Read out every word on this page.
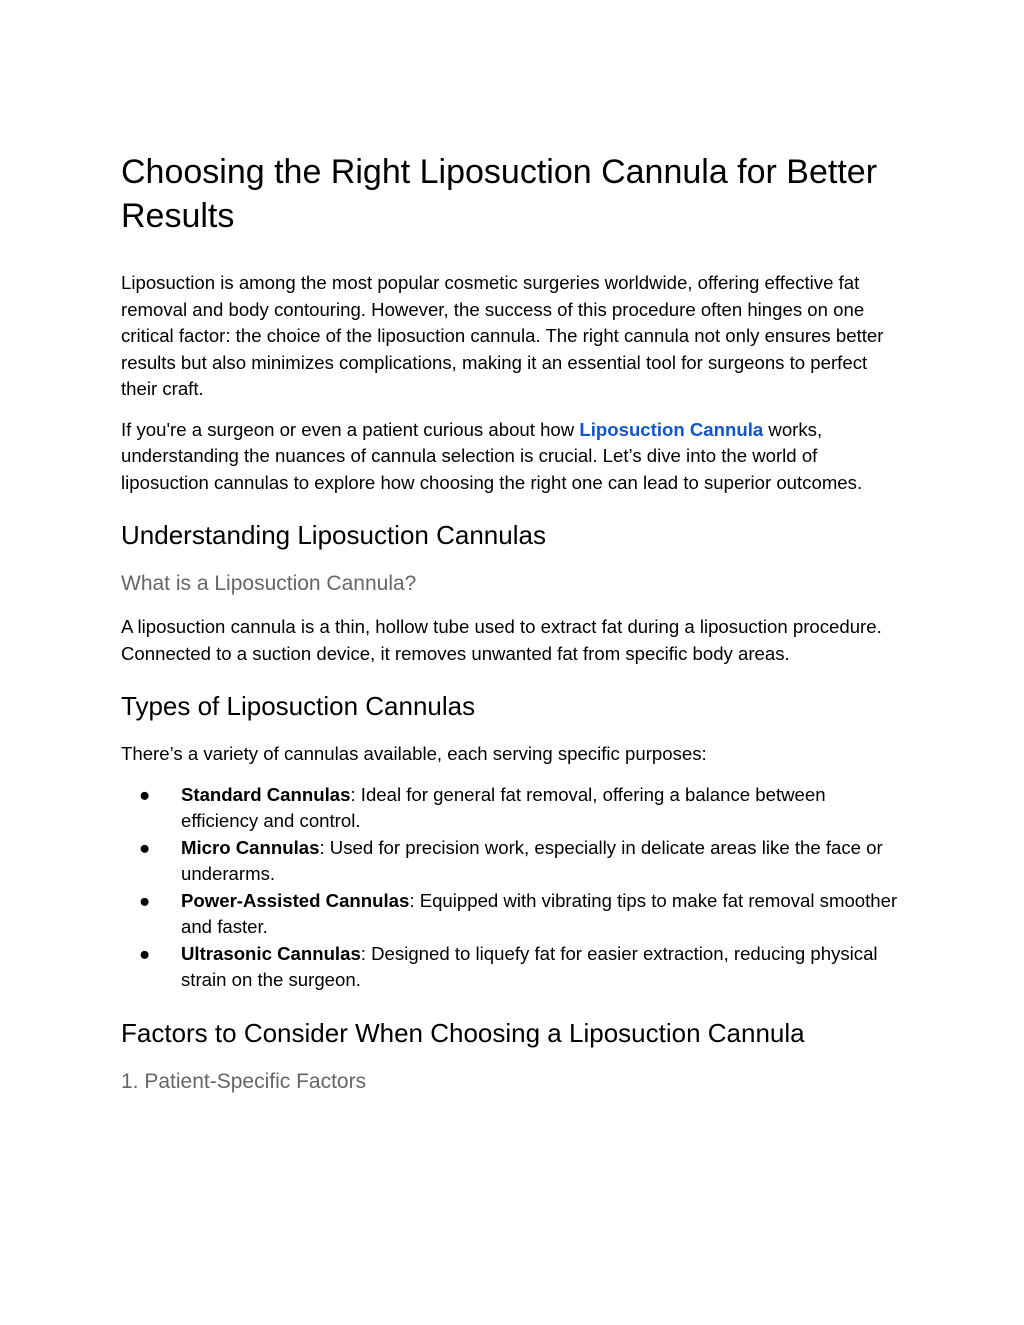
Choosing the Right Liposuction Cannula for Better Results

Liposuction is among the most popular cosmetic surgeries worldwide, offering effective fat removal and body contouring. However, the success of this procedure often hinges on one critical factor: the choice of the liposuction cannula. The right cannula not only ensures better results but also minimizes complications, making it an essential tool for surgeons to perfect their craft.

If you're a surgeon or even a patient curious about how Liposuction Cannula works, understanding the nuances of cannula selection is crucial. Let’s dive into the world of liposuction cannulas to explore how choosing the right one can lead to superior outcomes.

Understanding Liposuction Cannulas
What is a Liposuction Cannula?

A liposuction cannula is a thin, hollow tube used to extract fat during a liposuction procedure. Connected to a suction device, it removes unwanted fat from specific body areas.

Types of Liposuction Cannulas

There’s a variety of cannulas available, each serving specific purposes:

● Standard Cannulas: Ideal for general fat removal, offering a balance between efficiency and control.
● Micro Cannulas: Used for precision work, especially in delicate areas like the face or underarms.
● Power-Assisted Cannulas: Equipped with vibrating tips to make fat removal smoother and faster.
● Ultrasonic Cannulas: Designed to liquefy fat for easier extraction, reducing physical strain on the surgeon.
Factors to Consider When Choosing a Liposuction Cannula
1. Patient-Specific Factors
